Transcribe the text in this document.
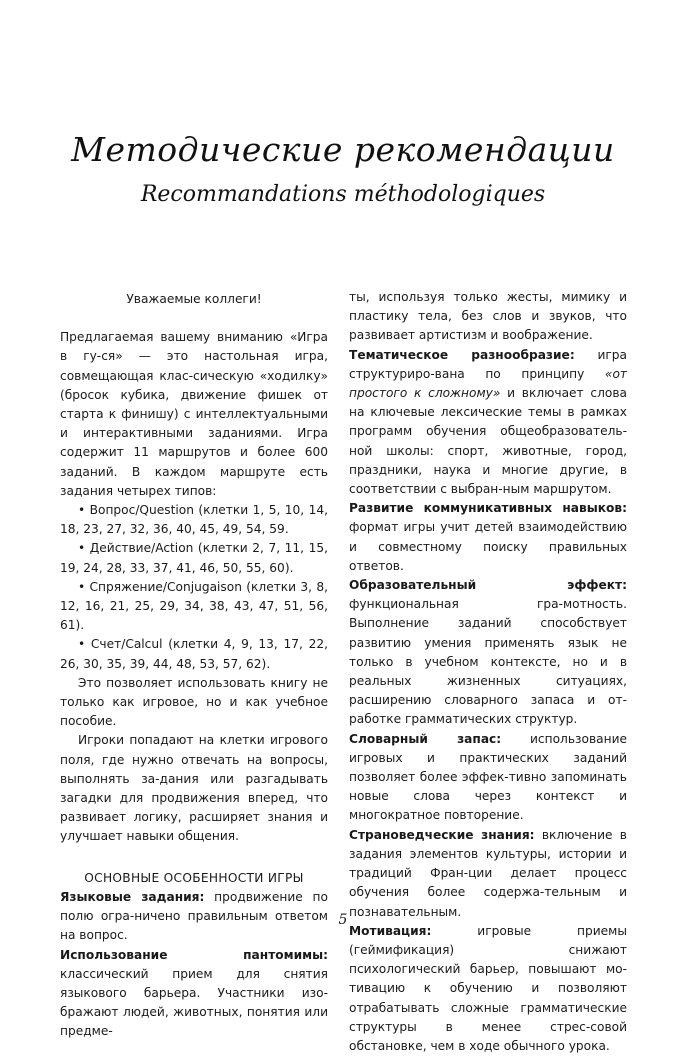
Методические рекомендации
Recommandations méthodologiques

Уважаемые коллеги!

Предлагаемая вашему вниманию «Игра в гу-ся» — это настольная игра, совмещающая клас-сическую «ходилку» (бросок кубика, движение фишек от старта к финишу) с интеллектуальными и интерактивными заданиями. Игра содержит 11 маршрутов и более 600 заданий. В каждом маршруте есть задания четырех типов:

• Вопрос/Question (клетки 1, 5, 10, 14, 18, 23, 27, 32, 36, 40, 45, 49, 54, 59.

• Действие/Action (клетки 2, 7, 11, 15, 19, 24, 28, 33, 37, 41, 46, 50, 55, 60).

• Спряжение/Conjugaison (клетки 3, 8, 12, 16, 21, 25, 29, 34, 38, 43, 47, 51, 56, 61).

• Счет/Calcul (клетки 4, 9, 13, 17, 22, 26, 30, 35, 39, 44, 48, 53, 57, 62).

Это позволяет использовать книгу не только как игровое, но и как учебное пособие.

Игроки попадают на клетки игрового поля, где нужно отвечать на вопросы, выполнять за-дания или разгадывать загадки для продвижения вперед, что развивает логику, расширяет знания и улучшает навыки общения.

ОСНОВНЫЕ ОСОБЕННОСТИ ИГРЫ

Языковые задания: продвижение по полю огра-ничено правильным ответом на вопрос.

Использование пантомимы: классический прием для снятия языкового барьера. Участники изо-бражают людей, животных, понятия или предме-

ты, используя только жесты, мимику и пластику тела, без слов и звуков, что развивает артистизм и воображение.

Тематическое разнообразие: игра структуриро-вана по принципу «от простого к сложному» и включает слова на ключевые лексические темы в рамках программ обучения общеобразователь-ной школы: спорт, животные, город, праздники, наука и многие другие, в соответствии с выбран-ным маршрутом.

Развитие коммуникативных навыков: формат игры учит детей взаимодействию и совместному поиску правильных ответов.

Образовательный эффект: функциональная гра-мотность. Выполнение заданий способствует развитию умения применять язык не только в учебном контексте, но и в реальных жизненных ситуациях, расширению словарного запаса и от-работке грамматических структур.

Словарный запас: использование игровых и практических заданий позволяет более эффек-тивно запоминать новые слова через контекст и многократное повторение.

Страноведческие знания: включение в задания элементов культуры, истории и традиций Фран-ции делает процесс обучения более содержа-тельным и познавательным.

Мотивация: игровые приемы (геймификация) снижают психологический барьер, повышают мо-тивацию к обучению и позволяют отрабатывать сложные грамматические структуры в менее стрес-совой обстановке, чем в ходе обычного урока.

5
